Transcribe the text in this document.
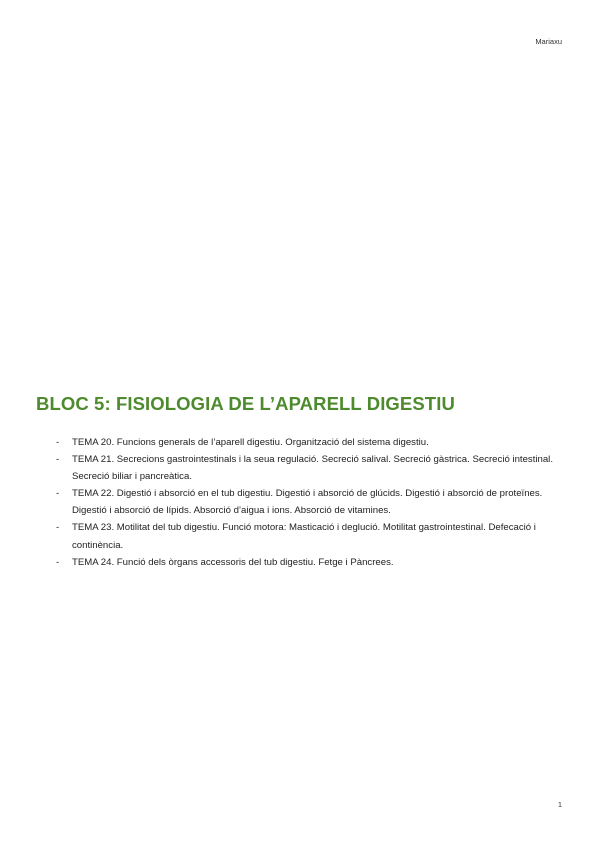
Mariaxu
BLOC 5: FISIOLOGIA DE L’APARELL DIGESTIU
- TEMA 20. Funcions generals de l’aparell digestiu. Organització del sistema digestiu.
- TEMA 21. Secrecions gastrointestinals i la seua regulació. Secreció salival. Secreció gàstrica. Secreció intestinal. Secreció biliar i pancreàtica.
- TEMA 22. Digestió i absorció en el tub digestiu. Digestió i absorció de glúcids. Digestió i absorció de proteïnes. Digestió i absorció de lípids. Absorció d’aigua i ions. Absorció de vitamines.
- TEMA 23. Motilitat del tub digestiu. Funció motora: Masticació i deglució. Motilitat gastrointestinal. Defecació i continència.
- TEMA 24. Funció dels òrgans accessoris del tub digestiu. Fetge i Pàncrees.
1
